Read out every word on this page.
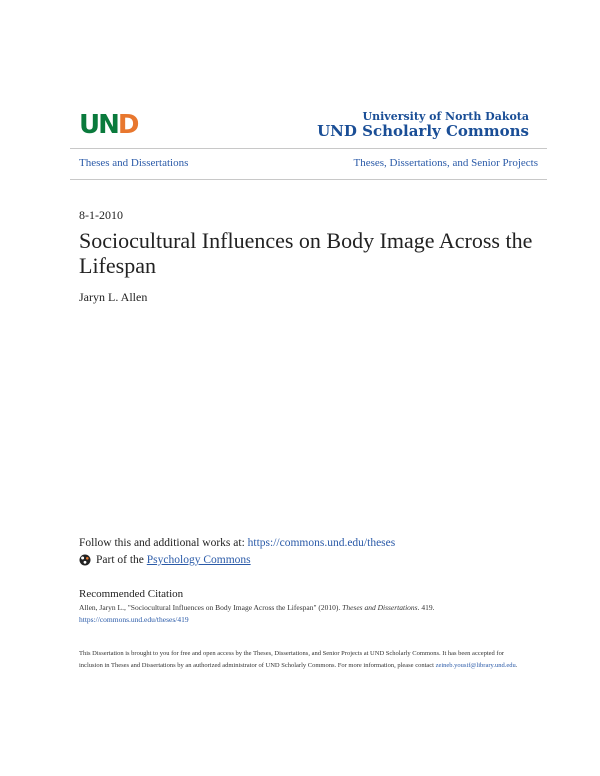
UND	University of North Dakota
UND Scholarly Commons
Theses and Dissertations	Theses, Dissertations, and Senior Projects
8-1-2010
Sociocultural Influences on Body Image Across the Lifespan
Jaryn L. Allen
Follow this and additional works at: https://commons.und.edu/theses
Part of the
Psychology Commons
Recommended Citation
Allen, Jaryn L., "Sociocultural Influences on Body Image Across the Lifespan" (2010). Theses and Dissertations. 419.
https://commons.und.edu/theses/419
This Dissertation is brought to you for free and open access by the Theses, Dissertations, and Senior Projects at UND Scholarly Commons. It has been accepted for inclusion in Theses and Dissertations by an authorized administrator of UND Scholarly Commons. For more information, please contact zeineb.yousif@library.und.edu.
